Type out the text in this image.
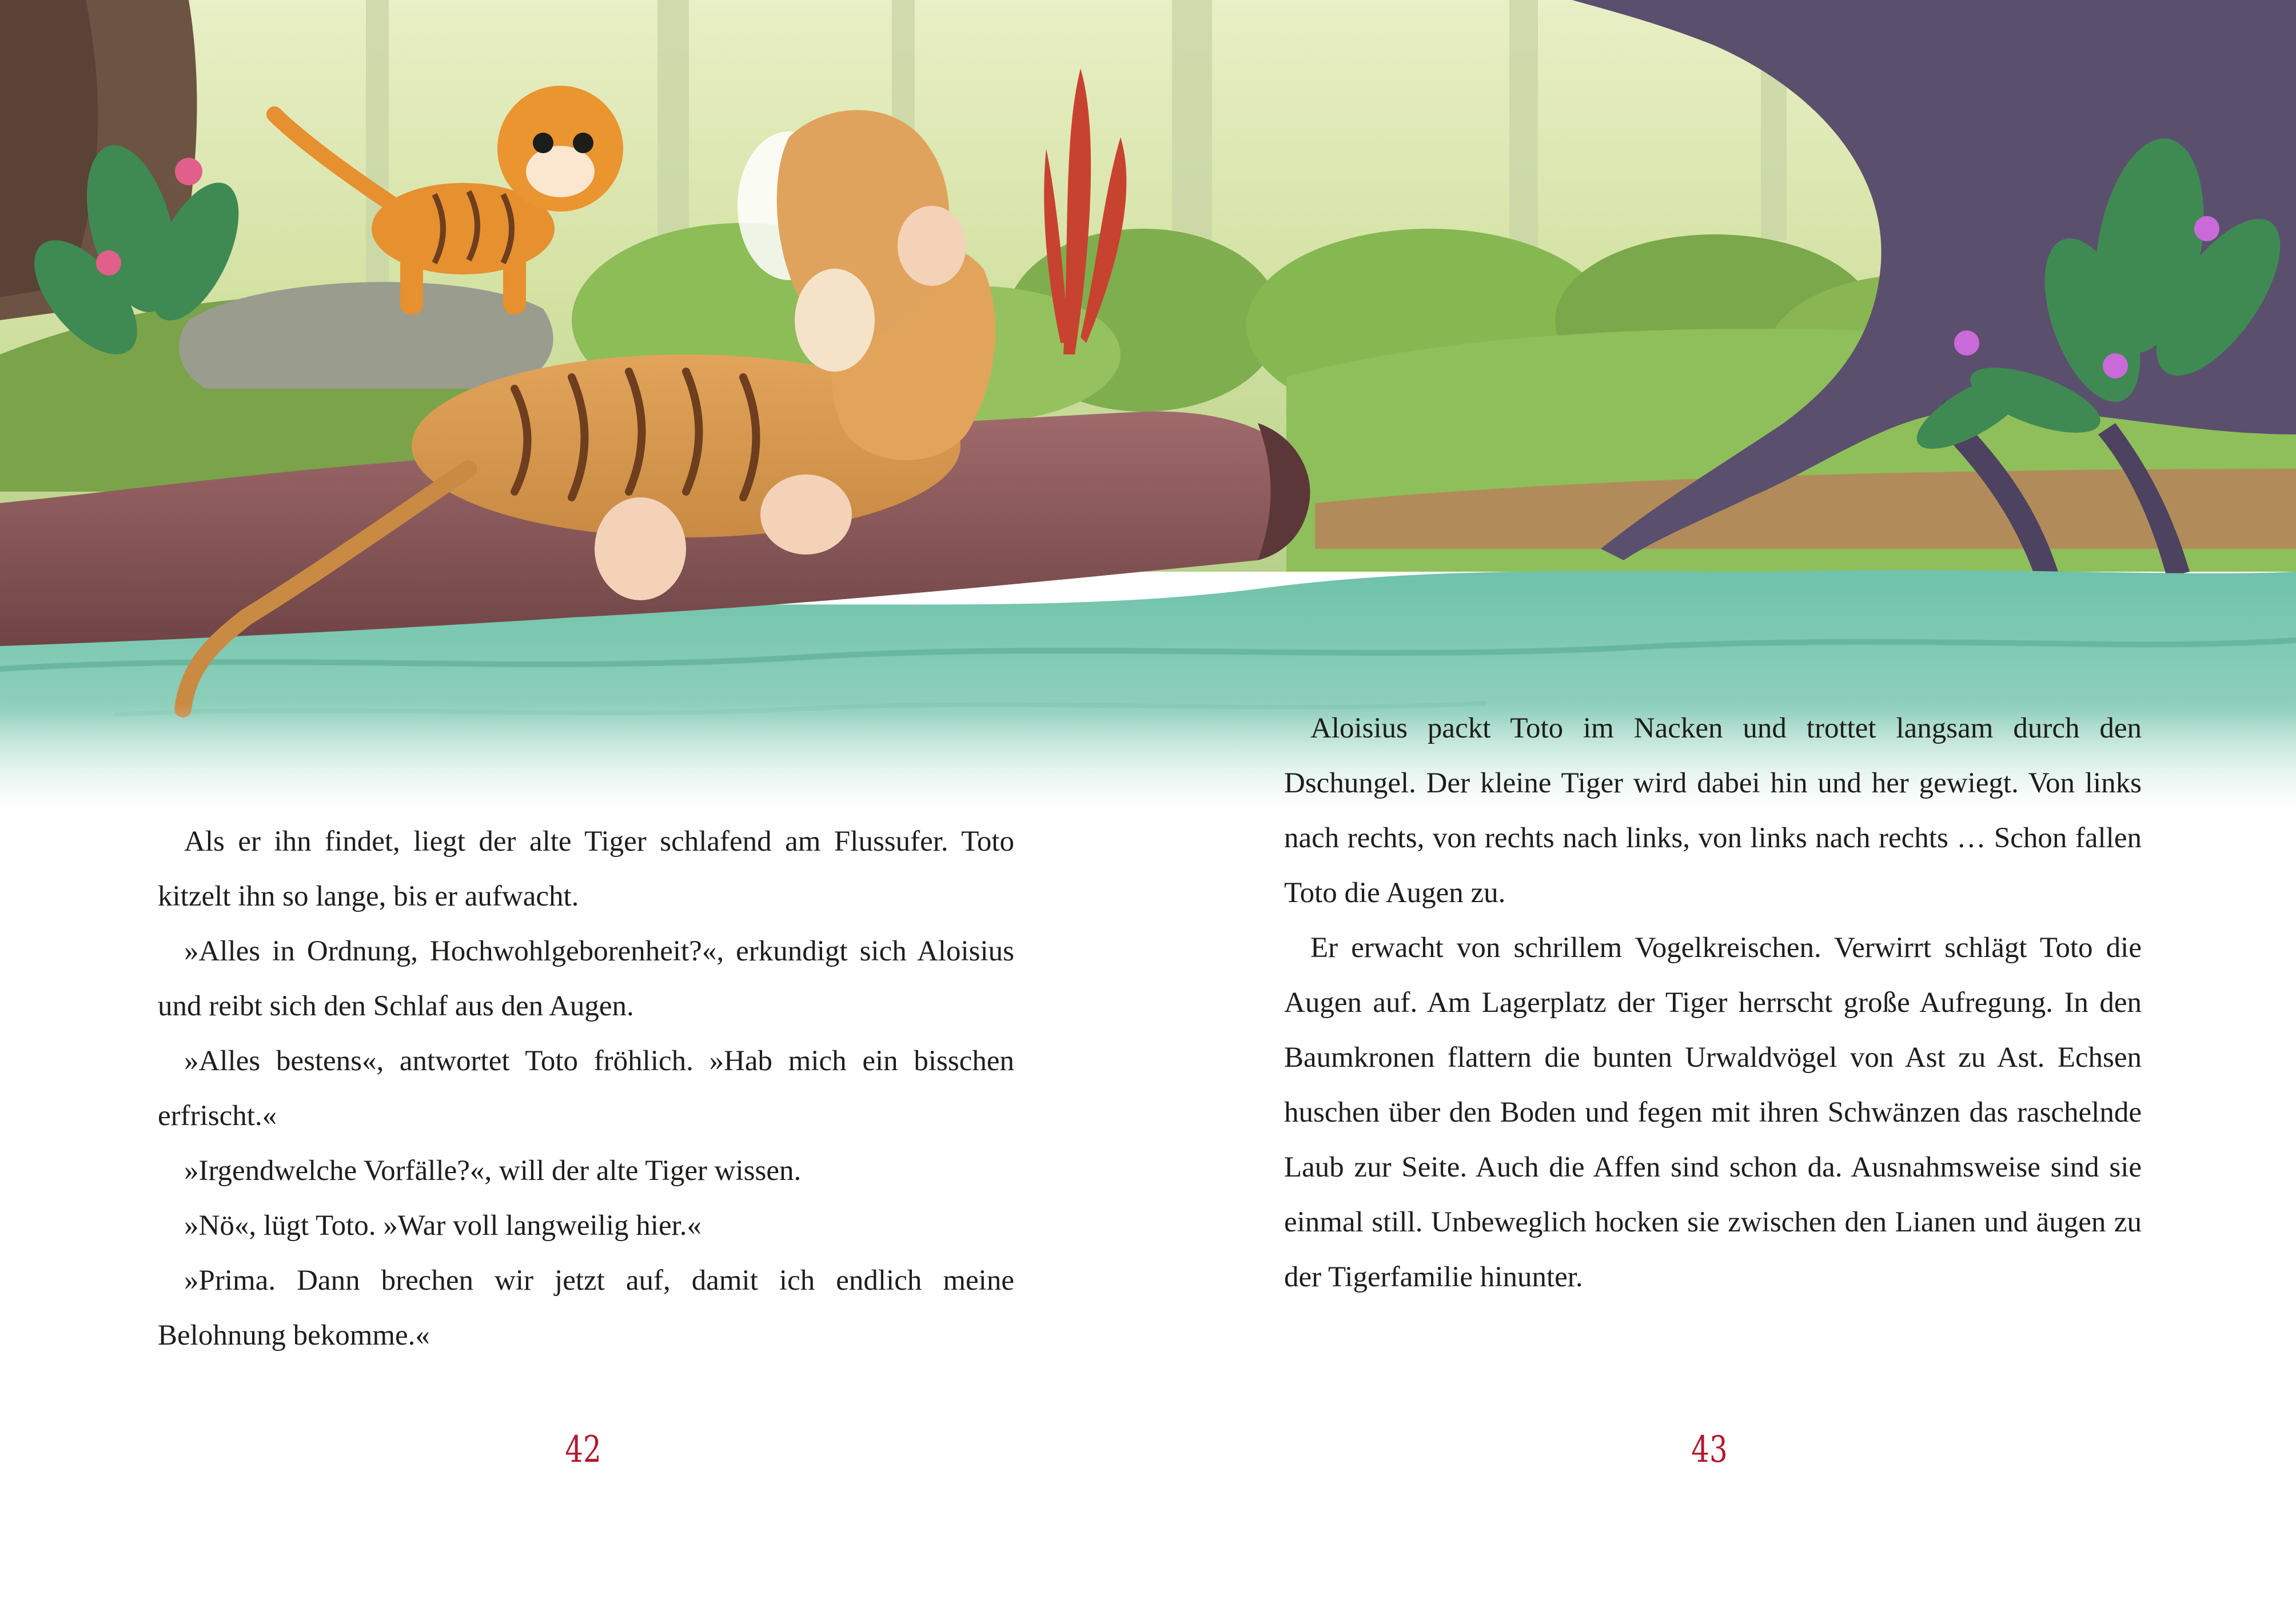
Als er ihn findet, liegt der alte Tiger schlafend am Flussufer. Toto kitzelt ihn so lange, bis er aufwacht.

»Alles in Ordnung, Hochwohlgeborenheit?«, erkundigt sich Aloisius und reibt sich den Schlaf aus den Augen.

»Alles bestens«, antwortet Toto fröhlich. »Hab mich ein bisschen erfrischt.«

»Irgendwelche Vorfälle?«, will der alte Tiger wissen.

»Nö«, lügt Toto. »War voll langweilig hier.«

»Prima. Dann brechen wir jetzt auf, damit ich endlich meine Belohnung bekomme.«

Aloisius packt Toto im Nacken und trottet langsam durch den Dschungel. Der kleine Tiger wird dabei hin und her gewiegt. Von links nach rechts, von rechts nach links, von links nach rechts … Schon fallen Toto die Augen zu.

Er erwacht von schrillem Vogelkreischen. Verwirrt schlägt Toto die Augen auf. Am Lagerplatz der Tiger herrscht große Aufregung. In den Baumkronen flattern die bunten Urwaldvögel von Ast zu Ast. Echsen huschen über den Boden und fegen mit ihren Schwänzen das raschelnde Laub zur Seite. Auch die Affen sind schon da. Ausnahmsweise sind sie einmal still. Unbeweglich hocken sie zwischen den Lianen und äugen zu der Tigerfamilie hinunter.

42	43
